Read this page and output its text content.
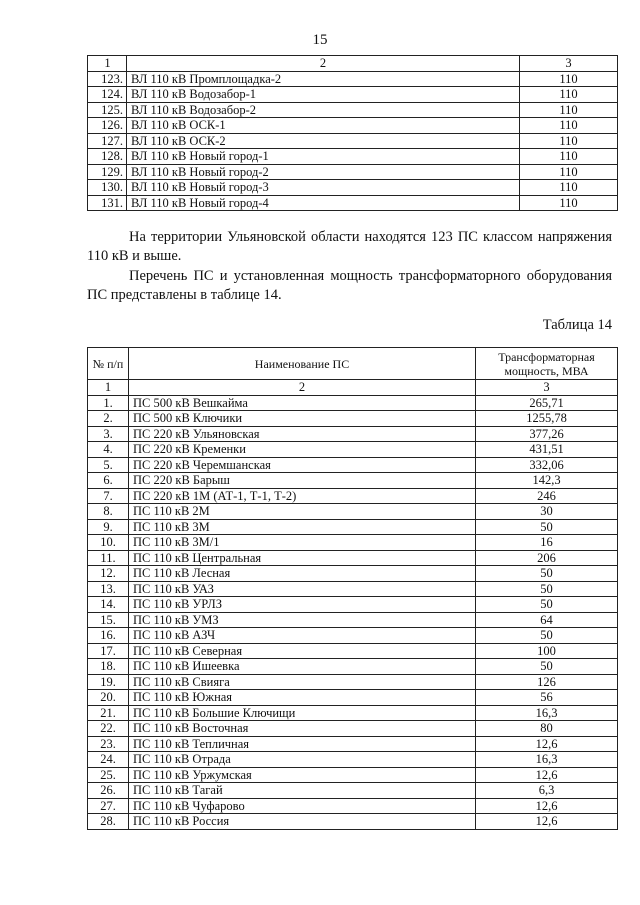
15
1	2	3
123.	ВЛ 110 кВ Промплощадка-2	110
124.	ВЛ 110 кВ Водозабор-1	110
125.	ВЛ 110 кВ Водозабор-2	110
126.	ВЛ 110 кВ ОСК-1	110
127.	ВЛ 110 кВ ОСК-2	110
128.	ВЛ 110 кВ Новый город-1	110
129.	ВЛ 110 кВ Новый город-2	110
130.	ВЛ 110 кВ Новый город-3	110
131.	ВЛ 110 кВ Новый город-4	110

На территории Ульяновской области находятся 123 ПС классом напряжения 110 кВ и выше.

Перечень ПС и установленная мощность трансформаторного оборудования ПС представлены в таблице 14.

Таблица 14
№ п/п	Наименование ПС	Трансформаторная мощность, МВА
1	2	3
1.	ПС 500 кВ Вешкайма	265,71
2.	ПС 500 кВ Ключики	1255,78
3.	ПС 220 кВ Ульяновская	377,26
4.	ПС 220 кВ Кременки	431,51
5.	ПС 220 кВ Черемшанская	332,06
6.	ПС 220 кВ Барыш	142,3
7.	ПС 220 кВ 1М (АТ-1, Т-1, Т-2)	246
8.	ПС 110 кВ 2М	30
9.	ПС 110 кВ 3М	50
10.	ПС 110 кВ 3М/1	16
11.	ПС 110 кВ Центральная	206
12.	ПС 110 кВ Лесная	50
13.	ПС 110 кВ УАЗ	50
14.	ПС 110 кВ УРЛЗ	50
15.	ПС 110 кВ УМЗ	64
16.	ПС 110 кВ АЗЧ	50
17.	ПС 110 кВ Северная	100
18.	ПС 110 кВ Ишеевка	50
19.	ПС 110 кВ Свияга	126
20.	ПС 110 кВ Южная	56
21.	ПС 110 кВ Большие Ключищи	16,3
22.	ПС 110 кВ Восточная	80
23.	ПС 110 кВ Тепличная	12,6
24.	ПС 110 кВ Отрада	16,3
25.	ПС 110 кВ Уржумская	12,6
26.	ПС 110 кВ Тагай	6,3
27.	ПС 110 кВ Чуфарово	12,6
28.	ПС 110 кВ Россия	12,6
